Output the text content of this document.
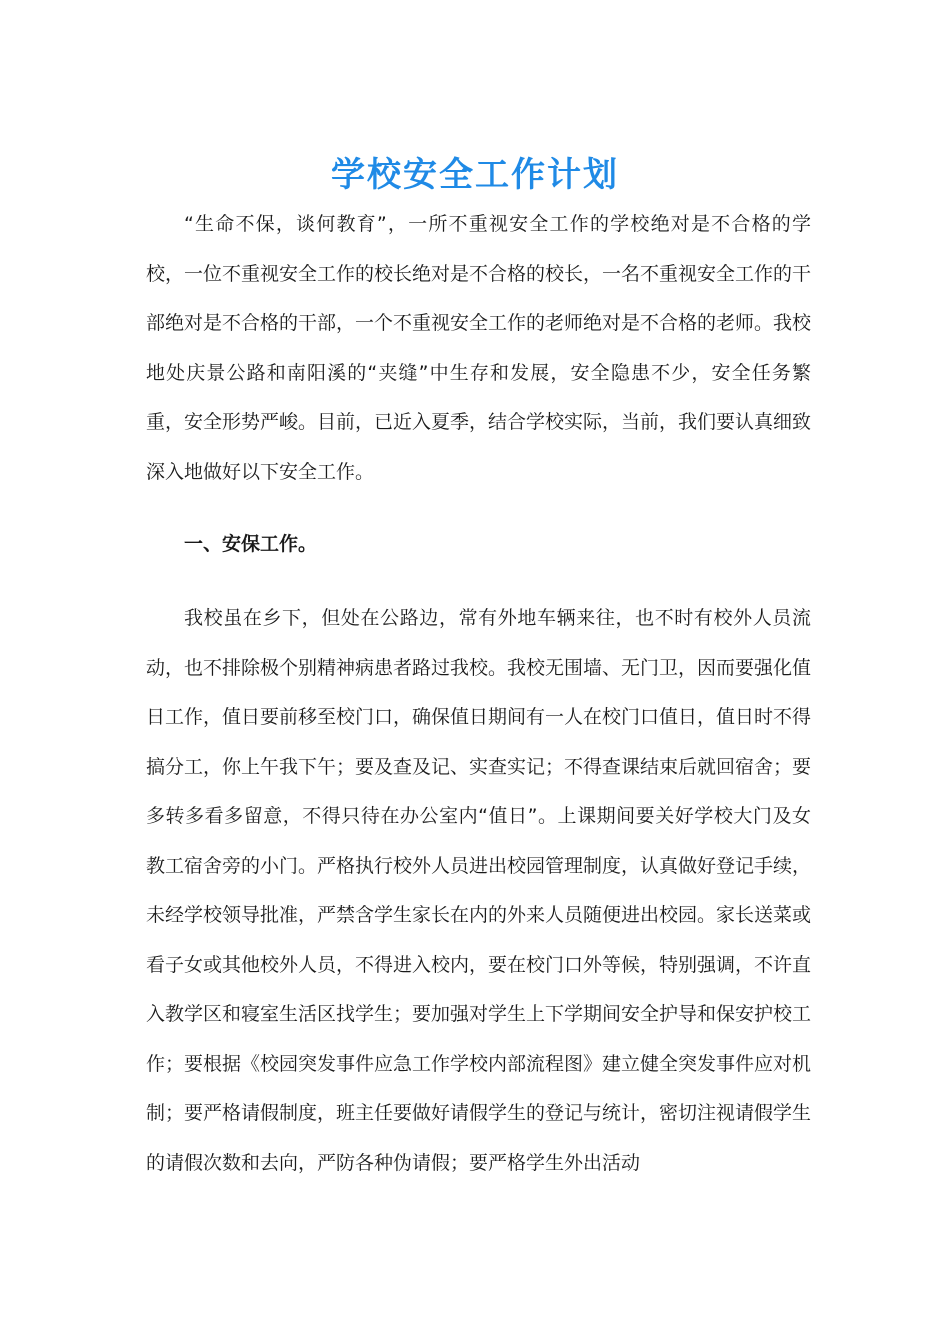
学校安全工作计划

“生命不保，谈何教育”，一所不重视安全工作的学校绝对是不合格的学校，一位不重视安全工作的校长绝对是不合格的校长，一名不重视安全工作的干部绝对是不合格的干部，一个不重视安全工作的老师绝对是不合格的老师。我校地处庆景公路和南阳溪的“夹缝”中生存和发展，安全隐患不少，安全任务繁重，安全形势严峻。目前，已近入夏季，结合学校实际，当前，我们要认真细致深入地做好以下安全工作。

一、安保工作。

我校虽在乡下，但处在公路边，常有外地车辆来往，也不时有校外人员流动，也不排除极个别精神病患者路过我校。我校无围墙、无门卫，因而要强化值日工作，值日要前移至校门口，确保值日期间有一人在校门口值日，值日时不得搞分工，你上午我下午；要及查及记、实查实记；不得查课结束后就回宿舍；要多转多看多留意，不得只待在办公室内“值日”。上课期间要关好学校大门及女教工宿舍旁的小门。严格执行校外人员进出校园管理制度，认真做好登记手续，未经学校领导批准，严禁含学生家长在内的外来人员随便进出校园。家长送菜或看子女或其他校外人员，不得进入校内，要在校门口外等候，特别强调，不许直入教学区和寝室生活区找学生；要加强对学生上下学期间安全护导和保安护校工作；要根据《校园突发事件应急工作学校内部流程图》建立健全突发事件应对机制；要严格请假制度，班主任要做好请假学生的登记与统计，密切注视请假学生的请假次数和去向，严防各种伪请假；要严格学生外出活动
